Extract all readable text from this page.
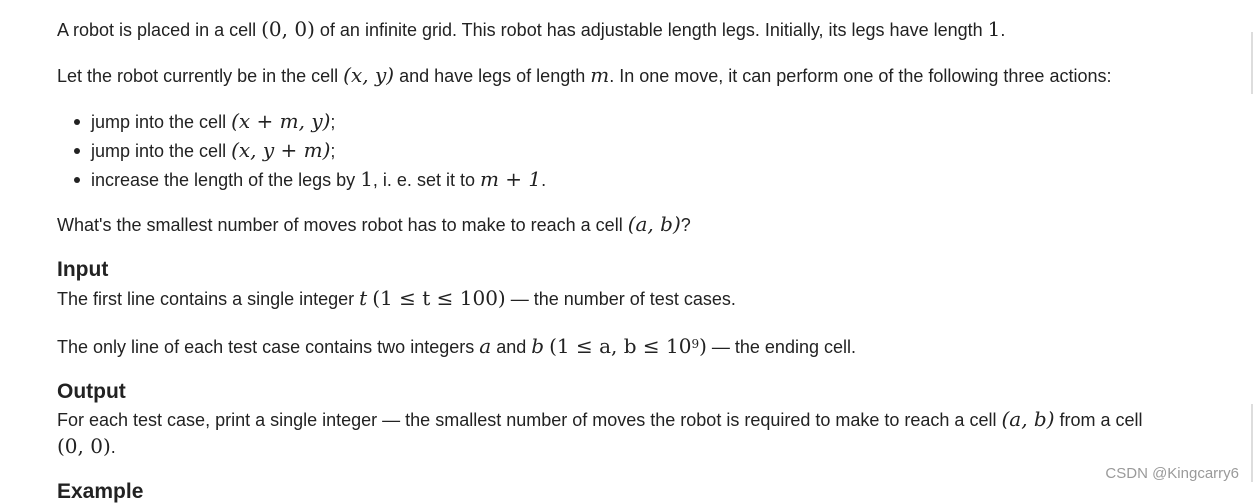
A robot is placed in a cell (0, 0) of an infinite grid. This robot has adjustable length legs. Initially, its legs have length 1.
Let the robot currently be in the cell (x, y) and have legs of length m. In one move, it can perform one of the following three actions:
jump into the cell (x + m, y);
jump into the cell (x, y + m);
increase the length of the legs by 1, i. e. set it to m + 1.
What's the smallest number of moves robot has to make to reach a cell (a, b)?
Input
The first line contains a single integer t (1 ≤ t ≤ 100) — the number of test cases.
The only line of each test case contains two integers a and b (1 ≤ a, $b \le 10^9$) — the ending cell.
Output
For each test case, print a single integer — the smallest number of moves the robot is required to make to reach a cell (a, b) from a cell
(0, 0).
Example
CSDN @Kingcarry6
